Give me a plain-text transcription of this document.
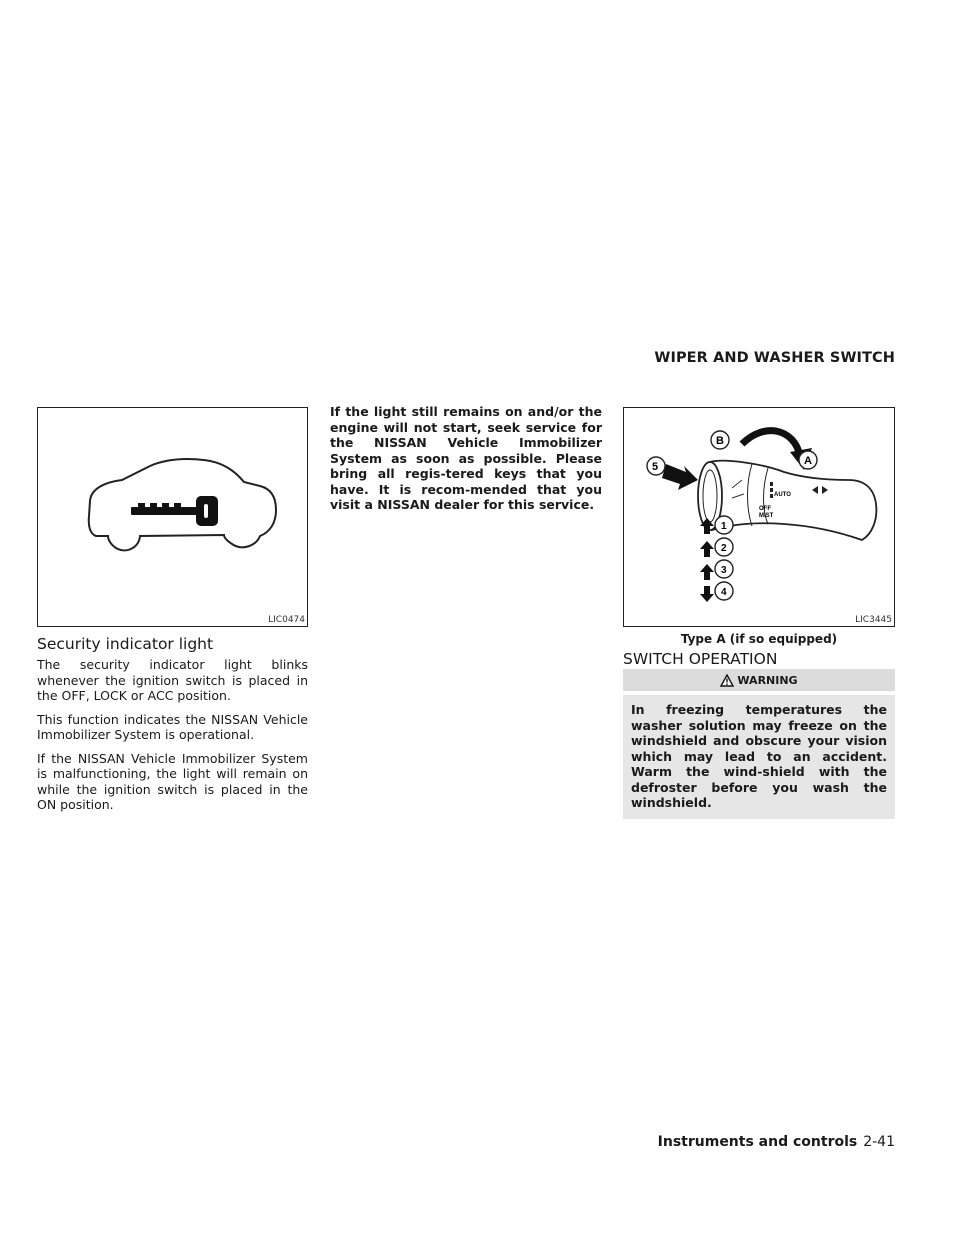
WIPER AND WASHER SWITCH
LIC0474
Security indicator light

The security indicator light blinks whenever the ignition switch is placed in the OFF, LOCK or ACC position.

This function indicates the NISSAN Vehicle Immobilizer System is operational.

If the NISSAN Vehicle Immobilizer System is malfunctioning, the light will remain on while the ignition switch is placed in the ON position.

If the light still remains on and/or the engine will not start, seek service for the NISSAN Vehicle Immobilizer System as soon as possible. Please bring all regis-tered keys that you have. It is recom-mended that you visit a NISSAN dealer for this service.
AUTO
OFF
MIST
B
A
5
1
2
3
4
LIC3445
Type A (if so equipped)
SWITCH OPERATION
WARNING
In freezing temperatures the washer solution may freeze on the windshield and obscure your vision which may lead to an accident. Warm the wind-shield with the defroster before you wash the windshield.
Instruments and controls 2-41
